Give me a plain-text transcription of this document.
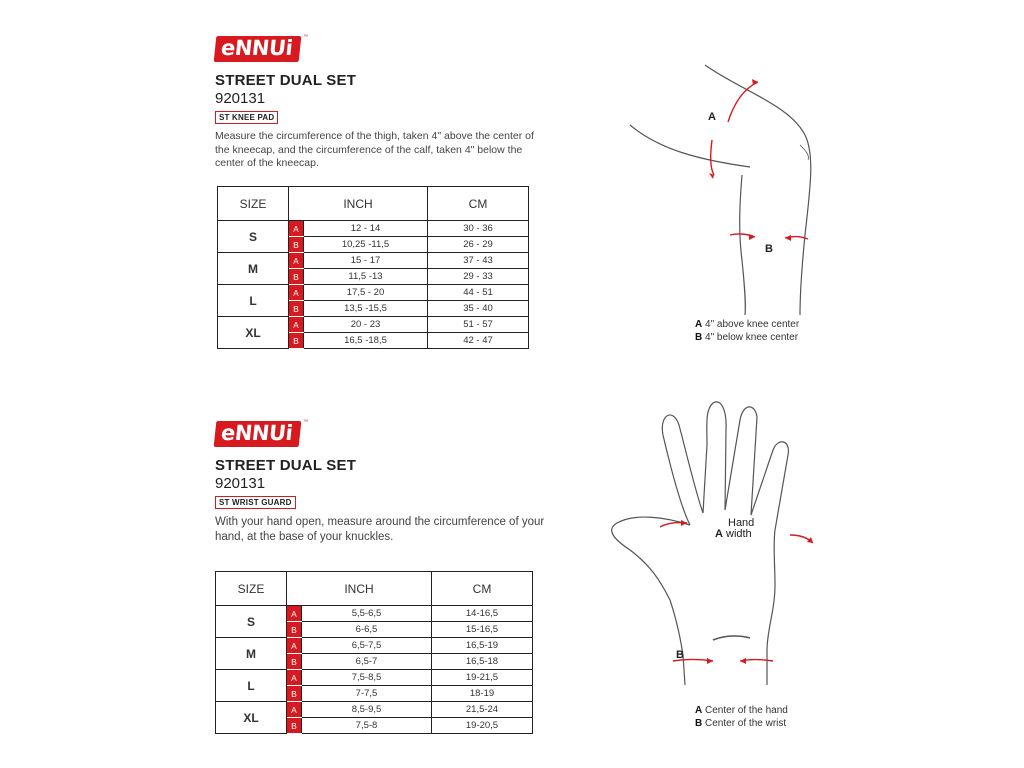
eNNUi ™
STREET DUAL SET
920131
ST KNEE PAD
Measure the circumference of the thigh, taken 4" above the center of the kneecap, and the circumference of the calf, taken 4" below the center of the kneecap.
SIZE	INCH		CM
S	A	12 - 14	30 - 36
	B	10,25 -11,5	26 - 29
M	A	15 - 17	37 - 43
	B	11,5 -13	29 - 33
L	A	17,5 - 20	44 - 51
	B	13,5 -15,5	35 - 40
XL	A	20 - 23	51 - 57
	B	16,5 -18,5	42 - 47
A
B
A 4" above knee center
B 4" below knee center
eNNUi ™
STREET DUAL SET
920131
ST WRIST GUARD
With your hand open, measure around the circumference of your hand, at the base of your knuckles.
SIZE	INCH		CM
S	A	5,5-6,5	14-16,5
	B	6-6,5	15-16,5
M	A	6,5-7,5	16,5-19
	B	6,5-7	16,5-18
L	A	7,5-8,5	19-21,5
	B	7-7,5	18-19
XL	A	8,5-9,5	21,5-24
	B	7,5-8	19-20,5
Hand
A width
B
A Center of the hand
B Center of the wrist
